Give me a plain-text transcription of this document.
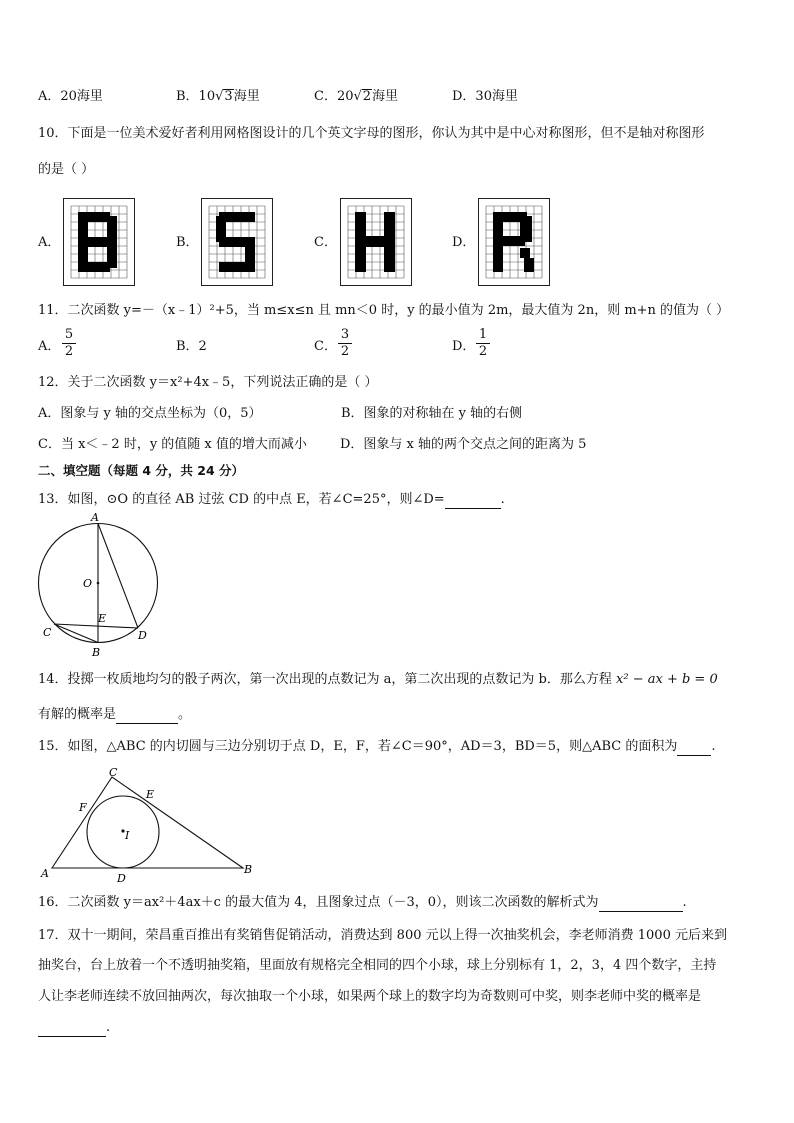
A．20海里	B．10√3海里	C．20√2海里	D．30海里
10．下面是一位美术爱好者利用网格图设计的几个英文字母的图形，你认为其中是中心对称图形，但不是轴对称图形
的是（ ）
A．	B．	C．	D．
11．二次函数 y=－（x﹣1）²+5，当 m≤x≤n 且 mn＜0 时，y 的最小值为 2m，最大值为 2n，则 m+n 的值为（ ）
A．
5
2	B．2	C．
3
2	D．
1
2
12．关于二次函数 y＝x²+4x﹣5，下列说法正确的是（ ）
A．图象与 y 轴的交点坐标为（0，5）	B．图象的对称轴在 y 轴的右侧
C．当 x＜﹣2 时，y 的值随 x 值的增大而减小	D．图象与 x 轴的两个交点之间的距离为 5
二、填空题（每题 4 分，共 24 分）
13．如图，⊙O 的直径 AB 过弦 CD 的中点 E，若∠C=25°，则∠D=	.
A
O
E
C	D
B
14．投掷一枚质地均匀的骰子两次，第一次出现的点数记为 a，第二次出现的点数记为 b．那么方程 x² − ax + b = 0
有解的概率是	。
15．如图，△ABC 的内切圆与三边分别切于点 D，E，F，若∠C＝90°，AD＝3，BD＝5，则△ABC 的面积为	.
C
F
E
I
A	D
B
16．二次函数 y＝ax²＋4ax＋c 的最大值为 4，且图象过点（－3，0），则该二次函数的解析式为	.
17．双十一期间，荣昌重百推出有奖销售促销活动，消费达到 800 元以上得一次抽奖机会，李老师消费 1000 元后来到
抽奖台，台上放着一个不透明抽奖箱，里面放有规格完全相同的四个小球，球上分别标有 1，2，3，4 四个数字，主持
人让李老师连续不放回抽两次，每次抽取一个小球，如果两个球上的数字均为奇数则可中奖，则李老师中奖的概率是
.
